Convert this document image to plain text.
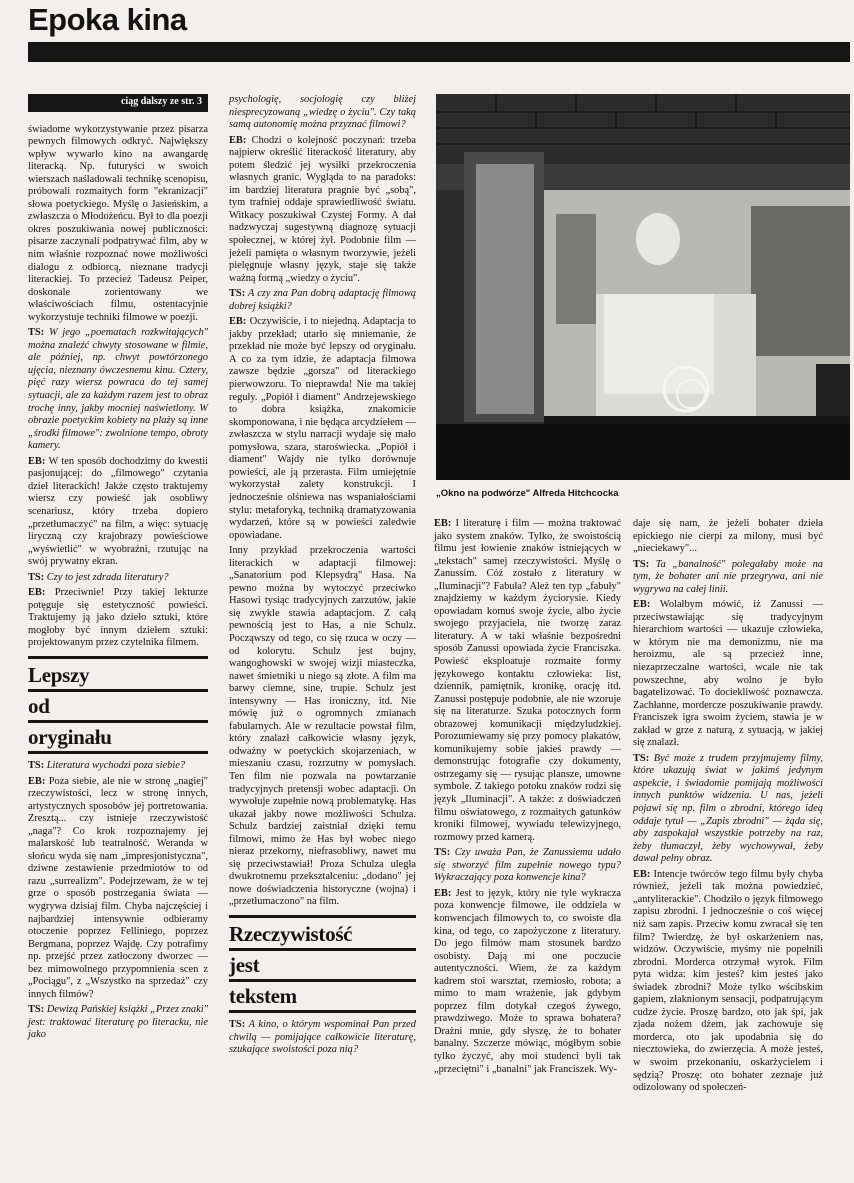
Epoka kina
ciąg dalszy ze str. 3

świadome wykorzystywanie przez pisarza pewnych filmowych odkryć. Największy wpływ wywarło kino na awangardę literacką. Np. futuryści w swoich wierszach naśladowali technikę scenopisu, próbowali rozmaitych form "ekranizacji" słowa poetyckiego. Myślę o Jasieńskim, a zwłaszcza o Młodożeńcu. Był to dla poezji okres poszukiwania nowej publiczności: pisarze zaczynali podpatrywać film, aby w nim właśnie rozpoznać nowe możliwości dialogu z odbiorcą, nieznane tradycji literackiej. To przecież Tadeusz Peiper, doskonale zorientowany we właściwościach filmu, ostentacyjnie wykorzystuje techniki filmowe w poezji.

TS: W jego „poematach rozkwitających" można znaleźć chwyty stosowane w filmie, ale później, np. chwyt powtórzonego ujęcia, nieznany ówczesnemu kinu. Cztery, pięć razy wiersz powraca do tej samej sytuacji, ale za każdym razem jest to obraz trochę inny, jakby mocniej naświetlony. W obrazie poetyckim kobiety na plaży są inne „środki filmowe": zwolnione tempo, obroty kamery.

EB: W ten sposób dochodzimy do kwestii pasjonującej: do „filmowego" czytania dzieł literackich! Jakże często traktujemy wiersz czy powieść jak osobliwy scenariusz, który trzeba dopiero „przetłumaczyć" na film, a więc: sytuację liryczną czy krajobrazy powieściowe „wyświetlić" w wyobraźni, rzutując na swój prywatny ekran.

TS: Czy to jest zdrada literatury?

EB: Przeciwnie! Przy takiej lekturze potęguje się estetyczność powieści. Traktujemy ją jako dzieło sztuki, które mogłoby być innym dziełem sztuki: projektowanym przez czytelnika filmem.

Lepszy
od
oryginału

TS: Literatura wychodzi poza siebie?

EB: Poza siebie, ale nie w stronę „nagiej" rzeczywistości, lecz w stronę innych, artystycznych sposobów jej portretowania. Zresztą... czy istnieje rzeczywistość „naga"? Co krok rozpoznajemy jej malarskość lub teatralność. Weranda w słońcu wyda się nam „impresjonistyczna", dziwne zestawienie przedmiotów to od razu „surrealizm". Podejrzewam, że w tej grze o sposób postrzegania świata — wygrywa dzisiaj film. Chyba najczęściej i najbardziej intensywnie odbieramy otoczenie poprzez Felliniego, poprzez Bergmana, poprzez Wajdę. Czy potrafimy np. przejść przez zatłoczony dworzec — bez mimowolnego przypomnienia scen z „Pociągu", z „Wszystko na sprzedaż" czy innych filmów?

TS: Dewizą Pańskiej książki „Przez znaki" jest: traktować literaturę po literacku, nie jako

psychologię, socjologię czy bliżej niesprecyzowaną „wiedzę o życiu". Czy taką samą autonomię można przyznać filmowi?

EB: Chodzi o kolejność poczynań: trzeba najpierw określić literackość literatury, aby potem śledzić jej wysiłki przekroczenia własnych granic. Wygląda to na paradoks: im bardziej literatura pragnie być „sobą", tym trafniej oddaje sprawiedliwość światu. Witkacy poszukiwał Czystej Formy. A dał nadzwyczaj sugestywną diagnozę sytuacji społecznej, w której żył. Podobnie film — jeżeli pamięta o własnym tworzywie, jeżeli pielęgnuje własny język, staje się także ważną formą „wiedzy o życiu".

TS: A czy zna Pan dobrą adaptację filmową dobrej książki?

EB: Oczywiście, i to niejedną. Adaptacja to jakby przekład; utarło się mniemanie, że przekład nie może być lepszy od oryginału. A co za tym idzie, że adaptacja filmowa zawsze będzie „gorsza" od literackiego pierwowzoru. To nieprawda! Nie ma takiej reguły. „Popiół i diament" Andrzejewskiego to dobra książka, znakomicie skomponowana, i nie będąca arcydziełem — zwłaszcza w stylu narracji wydaje się mało pomysłowa, szara, staroświecka. „Popiół i diament" Wajdy nie tylko dorównuje powieści, ale ją przerasta. Film umiejętnie wykorzystał zalety konstrukcji. I jednocześnie olśniewa nas wspaniałościami stylu: metaforyką, techniką dramatyzowania wydarzeń, które są w powieści zaledwie opowiadane.

Inny przykład przekroczenia wartości literackich w adaptacji filmowej: „Sanatorium pod Klepsydrą" Hasa. Na pewno można by wytoczyć przeciwko Hasowi tysiąc tradycyjnych zarzutów, jakie się zwykle stawia adaptacjom. Z całą pewnością jest to Has, a nie Schulz. Począwszy od tego, co się rzuca w oczy — od kolorytu. Schulz jest bujny, wangoghowski w swojej wizji miasteczka, nawet śmietniki u niego są złote. A film ma barwy ciemne, sine, trupie. Schulz jest intensywny — Has ironiczny, itd. Nie mówię już o ogromnych zmianach fabularnych. Ale w rezultacie powstał film, który znalazł całkowicie własny język, odważny w poetyckich skojarzeniach, w mieszaniu czasu, rozrzutny w pomysłach. Ten film nie pozwala na powtarzanie tradycyjnych pretensji wobec adaptacji. On wywołuje zupełnie nową problematykę. Has ukazał jakby nowe możliwości Schulza. Schulz bardziej zaistniał dzięki temu filmowi, mimo że Has był wobec niego nieraz przekorny, niefrasobliwy, nawet mu się przeciwstawiał! Proza Schulza uległa dwukrotnemu przekształceniu: „dodano" jej nowe doświadczenia historyczne (wojna) i „przetłumaczono" na film.

Rzeczywistość
jest
tekstem

TS: A kino, o którym wspominał Pan przed chwilą — pomijające całkowicie literaturę, szukające swoistości poza nią?

„Okno na podwórze" Alfreda Hitchcocka

EB: I literaturę i film — można traktować jako system znaków. Tylko, że swoistością filmu jest łowienie znaków istniejących w „tekstach" samej rzeczywistości. Myślę o Zanussim. Cóż zostało z literatury w „Iluminacji"? Fabuła? Ależ ten typ „fabuły" znajdziemy w każdym życiorysie. Kiedy opowiadam komuś swoje życie, albo życie swojego przyjaciela, nie tworzę zaraz literatury. A w taki właśnie bezpośredni sposób Zanussi opowiada życie Franciszka. Powieść eksploatuje rozmaite formy językowego kontaktu człowieka: list, dziennik, pamiętnik, kronikę, orację itd. Zanussi postępuje podobnie, ale nie wzoruje się na literaturze. Szuka potocznych form obrazowej komunikacji międzyludzkiej. Porozumiewamy się przy pomocy plakatów, komunikujemy sobie jakieś prawdy — demonstrując fotografie czy dokumenty, ostrzegamy się — rysując plansze, umowne symbole. Z takiego potoku znaków rodzi się język „Iluminacji". A także: z doświadczeń filmu oświatowego, z rozmaitych gatunków kroniki filmowej, wywiadu telewizyjnego, rozmowy przed kamerą.

TS: Czy uważa Pan, że Zanussiemu udało się stworzyć film zupełnie nowego typu? Wykraczający poza konwencje kina?

EB: Jest to język, który nie tyle wykracza poza konwencje filmowe, ile oddziela w konwencjach filmowych to, co swoiste dla kina, od tego, co zapożyczone z literatury. Do jego filmów mam stosunek bardzo osobisty. Dają mi one poczucie autentyczności. Wiem, że za każdym kadrem stoi warsztat, rzemiosło, robota; a mimo to mam wrażenie, jak gdybym poprzez film dotykał czegoś żywego, prawdziwego. Może to sprawa bohatera? Drażni mnie, gdy słyszę, że to bohater banalny. Szczerze mówiąc, mógłbym sobie tylko życzyć, aby moi studenci byli tak „przeciętni" i „banalni" jak Franciszek. Wy-

daje się nam, że jeżeli bohater dzieła epickiego nie cierpi za milony, musi być „nieciekawy"...

TS: Ta „banalność" polegałaby może na tym, że bohater ani nie przegrywa, ani nie wygrywa na całej linii.

EB: Wolałbym mówić, iż Zanussi — przeciwstawiając się tradycyjnym hierarchiom wartości — ukazuje człowieka, w którym nie ma demonizmu, nie ma heroizmu, ale są przecież inne, niezaprzeczalne wartości, wcale nie tak powszechne, aby wolno je było bagatelizować. To dociekliwość poznawcza. Zachłanne, mordercze poszukiwanie prawdy. Franciszek igra swoim życiem, stawia je w zakład w grze z naturą, z sytuacją, w jakiej się znalazł.

TS: Być może z trudem przyjmujemy filmy, które ukazują świat w jakimś jedynym aspekcie, i świadomie pomijają możliwości innych punktów widzenia. U nas, jeżeli pojawi się np. film o zbrodni, którego ideą oddaje tytuł — „Zapis zbrodni" — żąda się, aby zaspokajał wszystkie potrzeby na raz, żeby tłumaczył, żeby wychowywał, żeby dawał pełny obraz.

EB: Intencje twórców tego filmu były chyba również, jeżeli tak można powiedzieć, „antyliterackie". Chodziło o język filmowego zapisu zbrodni. I jednocześnie o coś więcej niż sam zapis. Przeciw komu zwracał się ten film? Twierdzę, że był oskarżeniem nas, widzów. Oczywiście, myśmy nie popełnili zbrodni. Morderca otrzymał wyrok. Film pyta widza: kim jesteś? kim jesteś jako świadek zbrodni? Może tylko wścibskim gapiem, złaknionym sensacji, podpatrującym cudze życie. Proszę bardzo, oto jak śpi, jak zjada nożem dżem, jak zachowuje się morderca, oto jak upodabnia się do niecztowieka, do zwierzęcia. A może jesteś, w swoim przekonaniu, oskarżycielem i sędzią? Proszę: oto bohater zeznaje już odizolowany od społeczeń-
